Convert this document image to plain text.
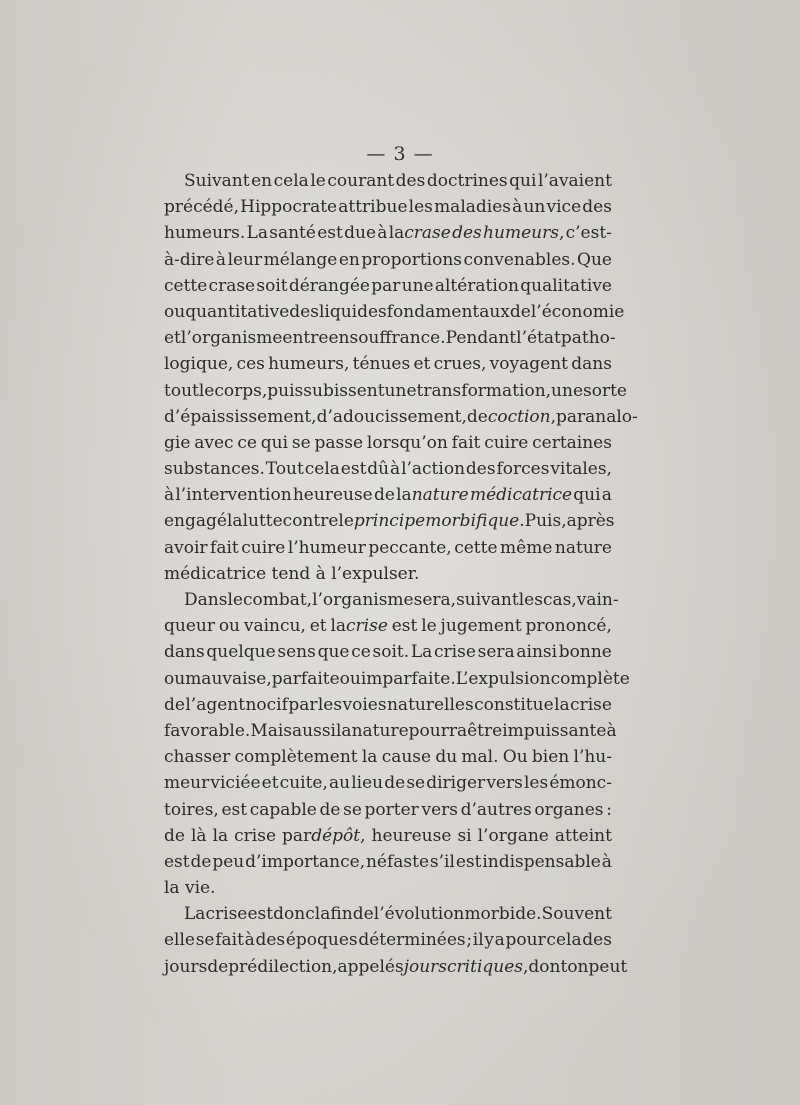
— 3 —
Suivant en cela le courant des doctrines qui l’avaient
précédé, Hippocrate attribue les maladies à un vice des
humeurs. La santé est due à lacrase des humeurs, c’est-
à-dire à leur mélange en proportions convenables. Que
cette crase soit dérangée par une altération qualitative
ou quantitative des liquides fondamentaux de l’économie
et l’organisme entre en souffrance. Pendant l’état patho-
logique, ces humeurs, ténues et crues, voyagent dans
tout le corps, puis subissent une transformation, une sorte
d’épaississement, d’adoucissement, decoction, par analo-
gie avec ce qui se passe lorsqu’on fait cuire certaines
substances. Tout cela est dû à l’action des forces vitales,
à l’intervention heureuse de lanature médicatrice qui a
engagé la lutte contre leprincipe morbifique. Puis, après
avoir fait cuire l’humeur peccante, cette même nature
médicatrice tend à l’expulser.
Dans le combat, l’organisme sera, suivant les cas, vain-
queur ou vaincu, et lacrise est le jugement prononcé,
dans quelque sens que ce soit. La crise sera ainsi bonne
ou mauvaise, parfaite ou imparfaite. L’expulsion complète
de l’agent nocif par les voies naturelles constitue la crise
favorable. Mais aussi la nature pourra être impuissante à
chasser complètement la cause du mal. Ou bien l’hu-
meur viciée et cuite, au lieu de se diriger vers les émonc-
toires, est capable de se porter vers d’autres organes :
de là la crise pardépôt, heureuse si l’organe atteint
est de peu d’importance, néfaste s’il est indispensable à
la vie.
La crise est donc la fin de l’évolution morbide. Souvent
elle se fait à des époques déterminées ; il y a pour cela des
jours de prédilection, appelésjours critiques, dont on peut
